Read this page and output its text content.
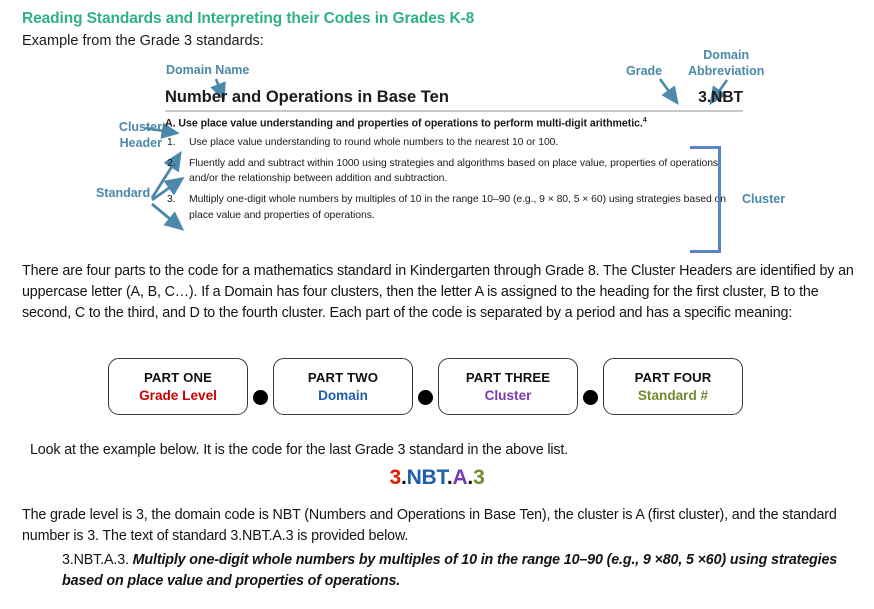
Reading Standards and Interpreting their Codes in Grades K-8
Example from the Grade 3 standards:
Domain Name	Grade
Domain
Abbreviation
Cluster
Header
Standard	Cluster
Number and Operations in Base Ten	3.NBT
A. Use place value understanding and properties of operations to perform multi-digit arithmetic.$^4$
1.	Use place value understanding to round whole numbers to the nearest 10 or 100.
2.	Fluently add and subtract within 1000 using strategies and algorithms based on place value, properties of operations, and/or the relationship between addition and subtraction.
3.	Multiply one-digit whole numbers by multiples of 10 in the range 10–90 (e.g., 9 × 80, 5 × 60) using strategies based on place value and properties of operations.
There are four parts to the code for a mathematics standard in Kindergarten through Grade 8. The Cluster Headers are identified by an uppercase letter (A, B, C…). If a Domain has four clusters, then the letter A is assigned to the heading for the first cluster, B to the second, C to the third, and D to the fourth cluster. Each part of the code is separated by a period and has a specific meaning:
PART ONE
Grade Level
PART TWO
Domain
PART THREE
Cluster
PART FOUR
Standard #
Look at the example below. It is the code for the last Grade 3 standard in the above list.
3.NBT.A.3
The grade level is 3, the domain code is NBT (Numbers and Operations in Base Ten), the cluster is A (first cluster), and the standard number is 3. The text of standard 3.NBT.A.3 is provided below.
3.NBT.A.3. Multiply one-digit whole numbers by multiples of 10 in the range 10–90 (e.g., 9 ×80, 5 ×60) using strategies based on place value and properties of operations.
